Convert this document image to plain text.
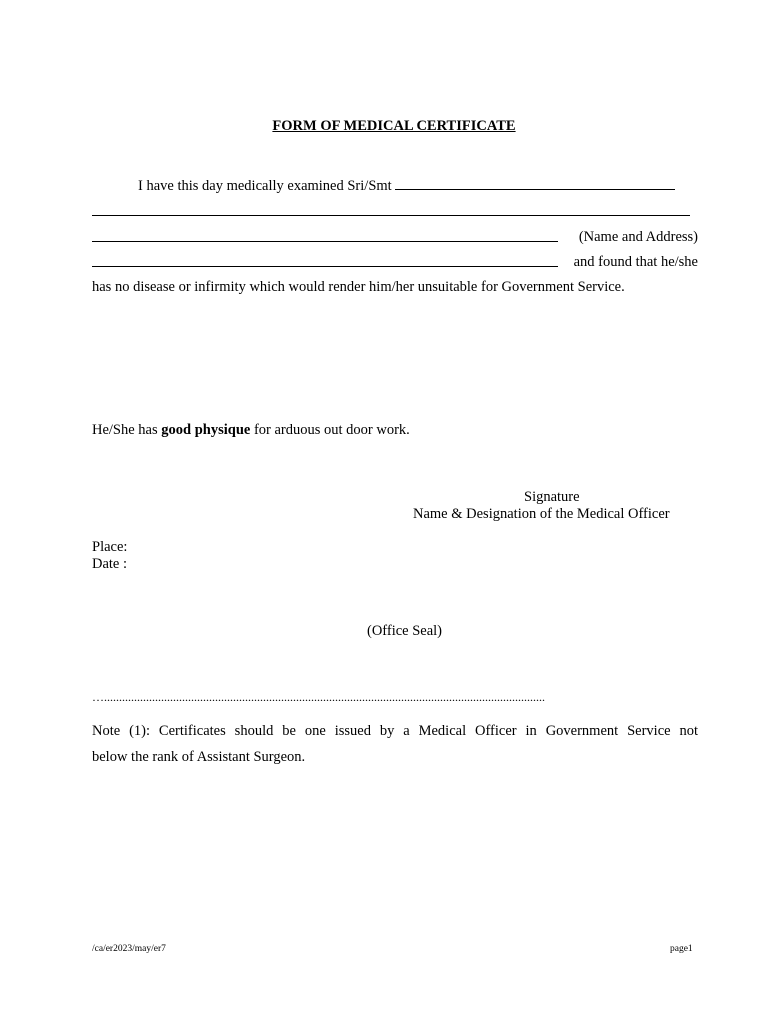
FORM OF MEDICAL CERTIFICATE
I have this day medically examined Sri/Smt
(Name and Address)
and found that he/she
has no disease or infirmity which would render him/her unsuitable for Government Service.
He/She has good physique for arduous out door work.
Signature
Name & Designation of the Medical Officer
Place:
Date :
(Office Seal)
…...................................................................................................................................................
Note (1): Certificates should be one issued by a Medical Officer in Government Service not
below the rank of Assistant Surgeon.
/ca/er2023/may/er7	page1
